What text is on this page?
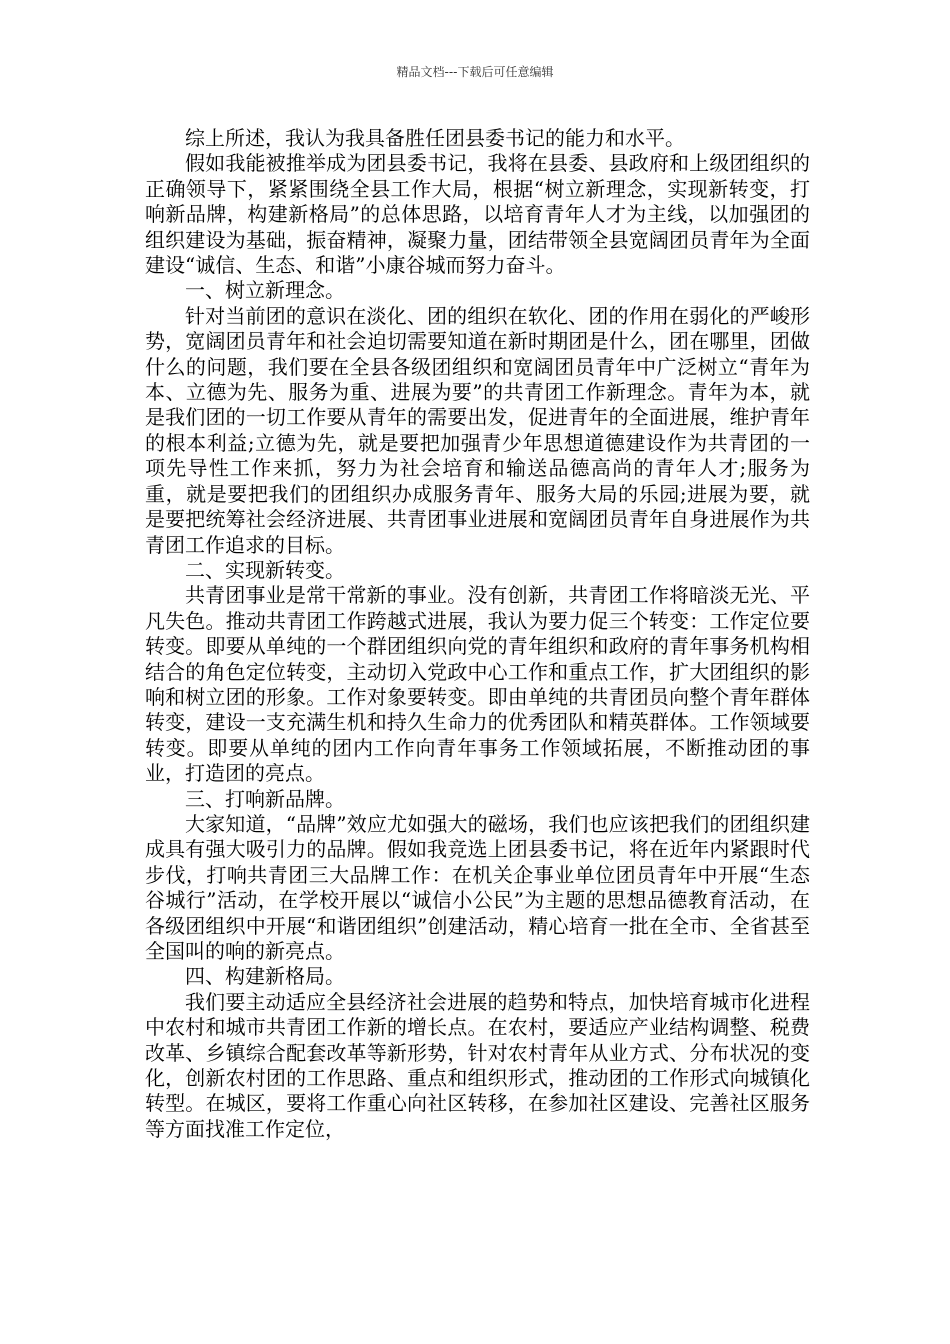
精品文档---下载后可任意编辑

综上所述，我认为我具备胜任团县委书记的能力和水平。

假如我能被推举成为团县委书记，我将在县委、县政府和上级团组织的正确领导下，紧紧围绕全县工作大局，根据“树立新理念，实现新转变，打响新品牌，构建新格局”的总体思路，以培育青年人才为主线，以加强团的组织建设为基础，振奋精神，凝聚力量，团结带领全县宽阔团员青年为全面建设“诚信、生态、和谐”小康谷城而努力奋斗。

一、树立新理念。

针对当前团的意识在淡化、团的组织在软化、团的作用在弱化的严峻形势，宽阔团员青年和社会迫切需要知道在新时期团是什么，团在哪里，团做什么的问题，我们要在全县各级团组织和宽阔团员青年中广泛树立“青年为本、立德为先、服务为重、进展为要”的共青团工作新理念。青年为本，就是我们团的一切工作要从青年的需要出发，促进青年的全面进展，维护青年的根本利益;立德为先，就是要把加强青少年思想道德建设作为共青团的一项先导性工作来抓，努力为社会培育和输送品德高尚的青年人才;服务为重，就是要把我们的团组织办成服务青年、服务大局的乐园;进展为要，就是要把统筹社会经济进展、共青团事业进展和宽阔团员青年自身进展作为共青团工作追求的目标。

二、实现新转变。

共青团事业是常干常新的事业。没有创新，共青团工作将暗淡无光、平凡失色。推动共青团工作跨越式进展，我认为要力促三个转变：工作定位要转变。即要从单纯的一个群团组织向党的青年组织和政府的青年事务机构相结合的角色定位转变，主动切入党政中心工作和重点工作，扩大团组织的影响和树立团的形象。工作对象要转变。即由单纯的共青团员向整个青年群体转变，建设一支充满生机和持久生命力的优秀团队和精英群体。工作领域要转变。即要从单纯的团内工作向青年事务工作领域拓展，不断推动团的事业，打造团的亮点。

三、打响新品牌。

大家知道，“品牌”效应尤如强大的磁场，我们也应该把我们的团组织建成具有强大吸引力的品牌。假如我竞选上团县委书记，将在近年内紧跟时代步伐，打响共青团三大品牌工作：在机关企事业单位团员青年中开展“生态谷城行”活动，在学校开展以“诚信小公民”为主题的思想品德教育活动，在各级团组织中开展“和谐团组织”创建活动，精心培育一批在全市、全省甚至全国叫的响的新亮点。

四、构建新格局。

我们要主动适应全县经济社会进展的趋势和特点，加快培育城市化进程中农村和城市共青团工作新的增长点。在农村，要适应产业结构调整、税费改革、乡镇综合配套改革等新形势，针对农村青年从业方式、分布状况的变化，创新农村团的工作思路、重点和组织形式，推动团的工作形式向城镇化转型。在城区，要将工作重心向社区转移，在参加社区建设、完善社区服务等方面找准工作定位，
